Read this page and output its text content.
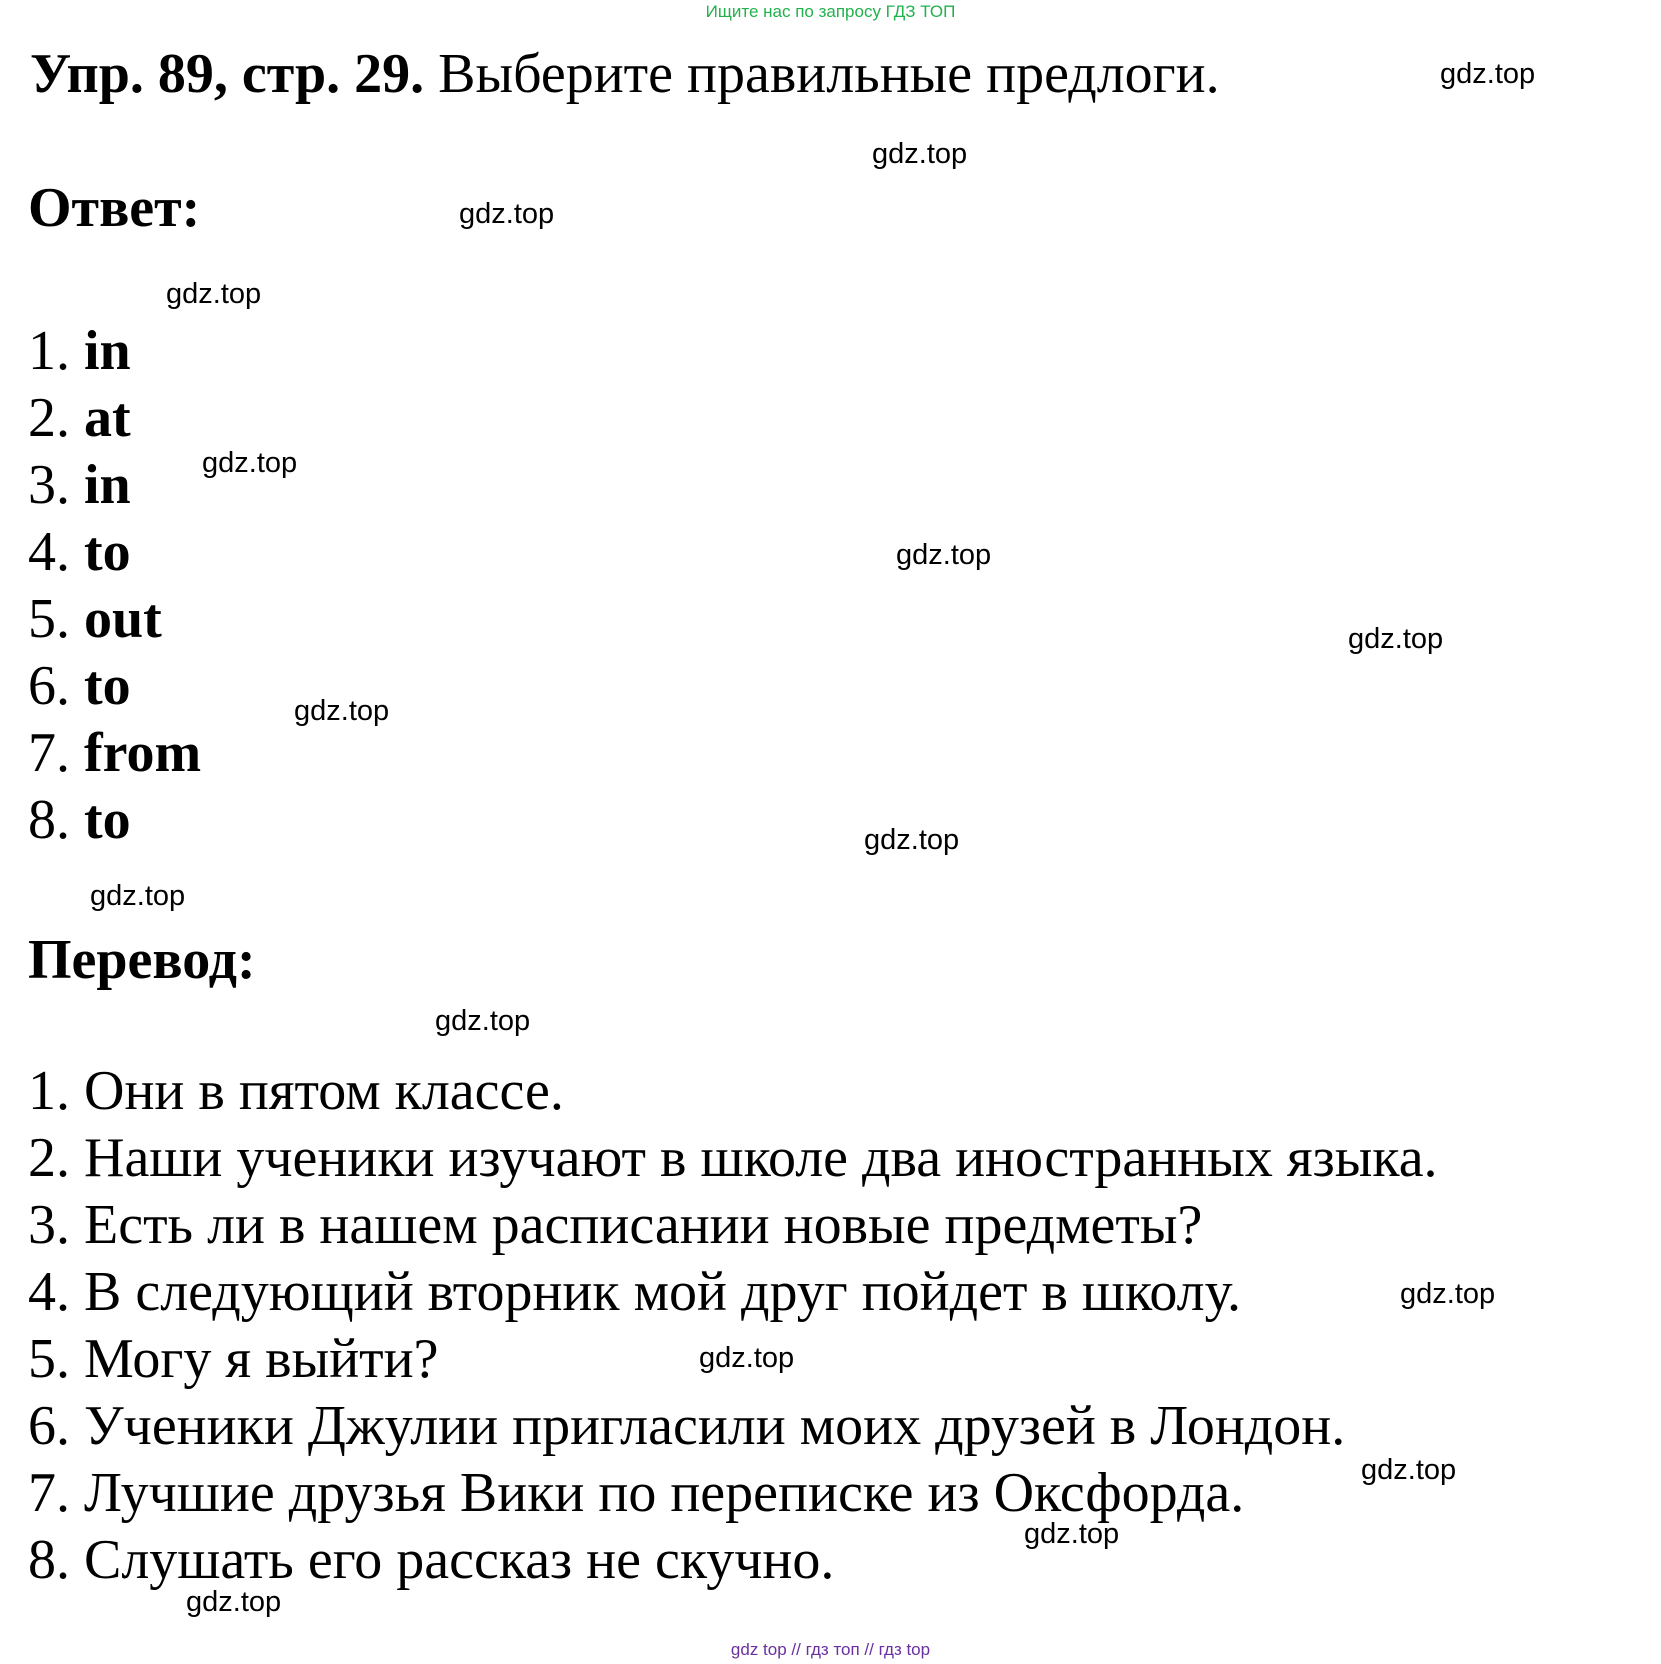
Ищите нас по запросу ГДЗ ТОП
Упр. 89, стр. 29. Выберите правильные предлоги.
Ответ:
1. in
2. at
3. in
4. to
5. out
6. to
7. from
8. to
Перевод:
1. Они в пятом классе.
2. Наши ученики изучают в школе два иностранных языка.
3. Есть ли в нашем расписании новые предметы?
4. В следующий вторник мой друг пойдет в школу.
5. Могу я выйти?
6. Ученики Джулии пригласили моих друзей в Лондон.
7. Лучшие друзья Вики по переписке из Оксфорда.
8. Слушать его рассказ не скучно.
gdz.top
gdz.top
gdz.top
gdz.top
gdz.top
gdz.top
gdz.top
gdz.top
gdz.top
gdz.top
gdz.top
gdz.top
gdz.top
gdz.top
gdz.top
gdz.top
gdz top // гдз топ // гдз top
